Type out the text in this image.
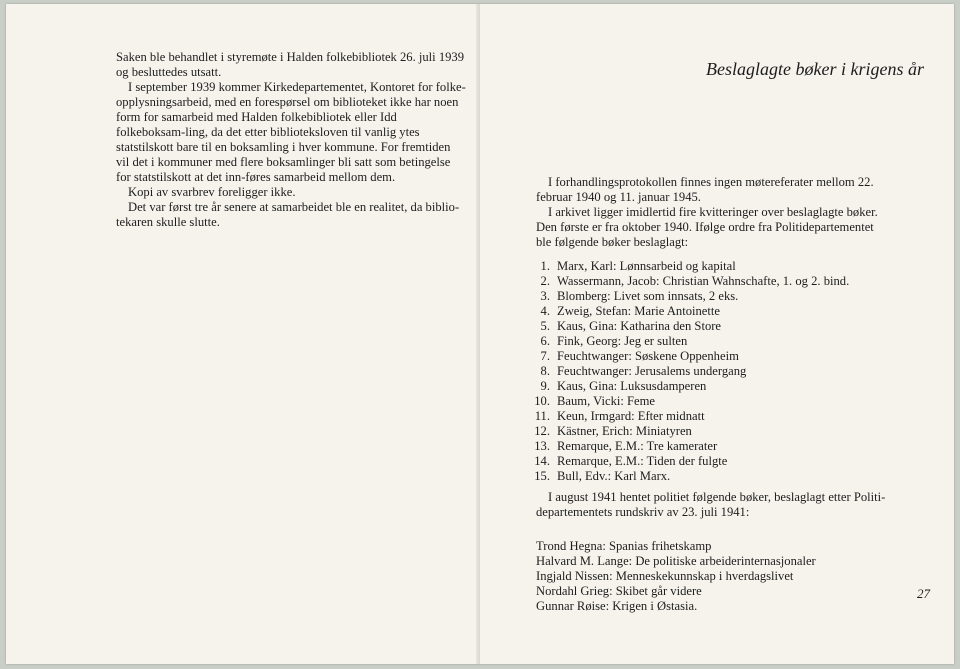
Saken ble behandlet i styremøte i Halden folkebibliotek 26. juli 1939 og besluttedes utsatt.

I september 1939 kommer Kirkedepartementet, Kontoret for folke-opplysningsarbeid, med en forespørsel om biblioteket ikke har noen form for samarbeid med Halden folkebibliotek eller Idd folkeboksam-ling, da det etter biblioteksloven til vanlig ytes statstilskott bare til en boksamling i hver kommune. For fremtiden vil det i kommuner med flere boksamlinger bli satt som betingelse for statstilskott at det inn-føres samarbeid mellom dem.

Kopi av svarbrev foreligger ikke.

Det var først tre år senere at samarbeidet ble en realitet, da biblio-tekaren skulle slutte.

Beslaglagte bøker i krigens år

I forhandlingsprotokollen finnes ingen møtereferater mellom 22. februar 1940 og 11. januar 1945.

I arkivet ligger imidlertid fire kvitteringer over beslaglagte bøker. Den første er fra oktober 1940. Ifølge ordre fra Politidepartementet ble følgende bøker beslaglagt:

1. Marx, Karl: Lønnsarbeid og kapital
2. Wassermann, Jacob: Christian Wahnschafte, 1. og 2. bind.
3. Blomberg: Livet som innsats, 2 eks.
4. Zweig, Stefan: Marie Antoinette
5. Kaus, Gina: Katharina den Store
6. Fink, Georg: Jeg er sulten
7. Feuchtwanger: Søskene Oppenheim
8. Feuchtwanger: Jerusalems undergang
9. Kaus, Gina: Luksusdamperen
10. Baum, Vicki: Feme
11. Keun, Irmgard: Efter midnatt
12. Kästner, Erich: Miniatyren
13. Remarque, E.M.: Tre kamerater
14. Remarque, E.M.: Tiden der fulgte
15. Bull, Edv.: Karl Marx.

I august 1941 hentet politiet følgende bøker, beslaglagt etter Politi-departementets rundskriv av 23. juli 1941:

Trond Hegna: Spanias frihetskamp
Halvard M. Lange: De politiske arbeiderinternasjonaler
Ingjald Nissen: Menneskekunnskap i hverdagslivet
Nordahl Grieg: Skibet går videre
Gunnar Røise: Krigen i Østasia.
27
